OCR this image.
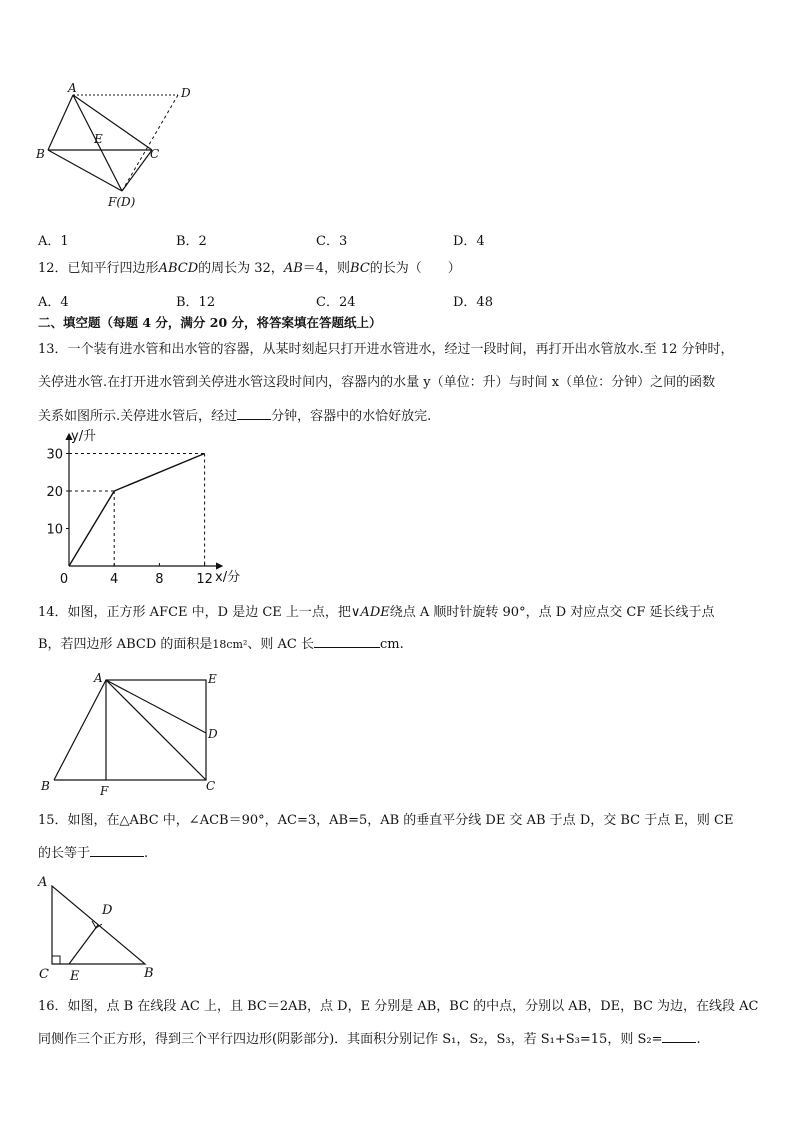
A	D
B
E
C
F(D)
A．1	B．2	C．3	D．4
12．已知平行四边形ABCD的周长为 32，AB＝4，则BC的长为（　　）
A．4	B．12	C．24	D．48
二、填空题（每题 4 分，满分 20 分，将答案填在答题纸上）
13．一个装有进水管和出水管的容器，从某时刻起只打开进水管进水，经过一段时间，再打开出水管放水.至 12 分钟时，
关停进水管.在打开进水管到关停进水管这段时间内，容器内的水量 y（单位：升）与时间 x（单位：分钟）之间的函数
关系如图所示.关停进水管后，经过	分钟，容器中的水恰好放完.
y/升
x/分
0
10
20
30
4	8	12
14．如图，正方形 AFCE 中，D 是边 CE 上一点，把∨ADE绕点 A 顺时针旋转 90°，点 D 对应点交 CF 延长线于点
B，若四边形 ABCD 的面积是18cm²、则 AC 长	cm.
A	E
D
B	F	C
15．如图，在△ABC 中，∠ACB＝90°，AC=3，AB=5，AB 的垂直平分线 DE 交 AB 于点 D，交 BC 于点 E，则 CE
的长等于	.
A
D
C E	B
16．如图，点 B 在线段 AC 上，且 BC＝2AB，点 D，E 分别是 AB，BC 的中点，分别以 AB，DE，BC 为边，在线段 AC
同侧作三个正方形，得到三个平行四边形(阴影部分)．其面积分别记作 S₁，S₂，S₃，若 S₁+S₃=15，则 S₂=	.
